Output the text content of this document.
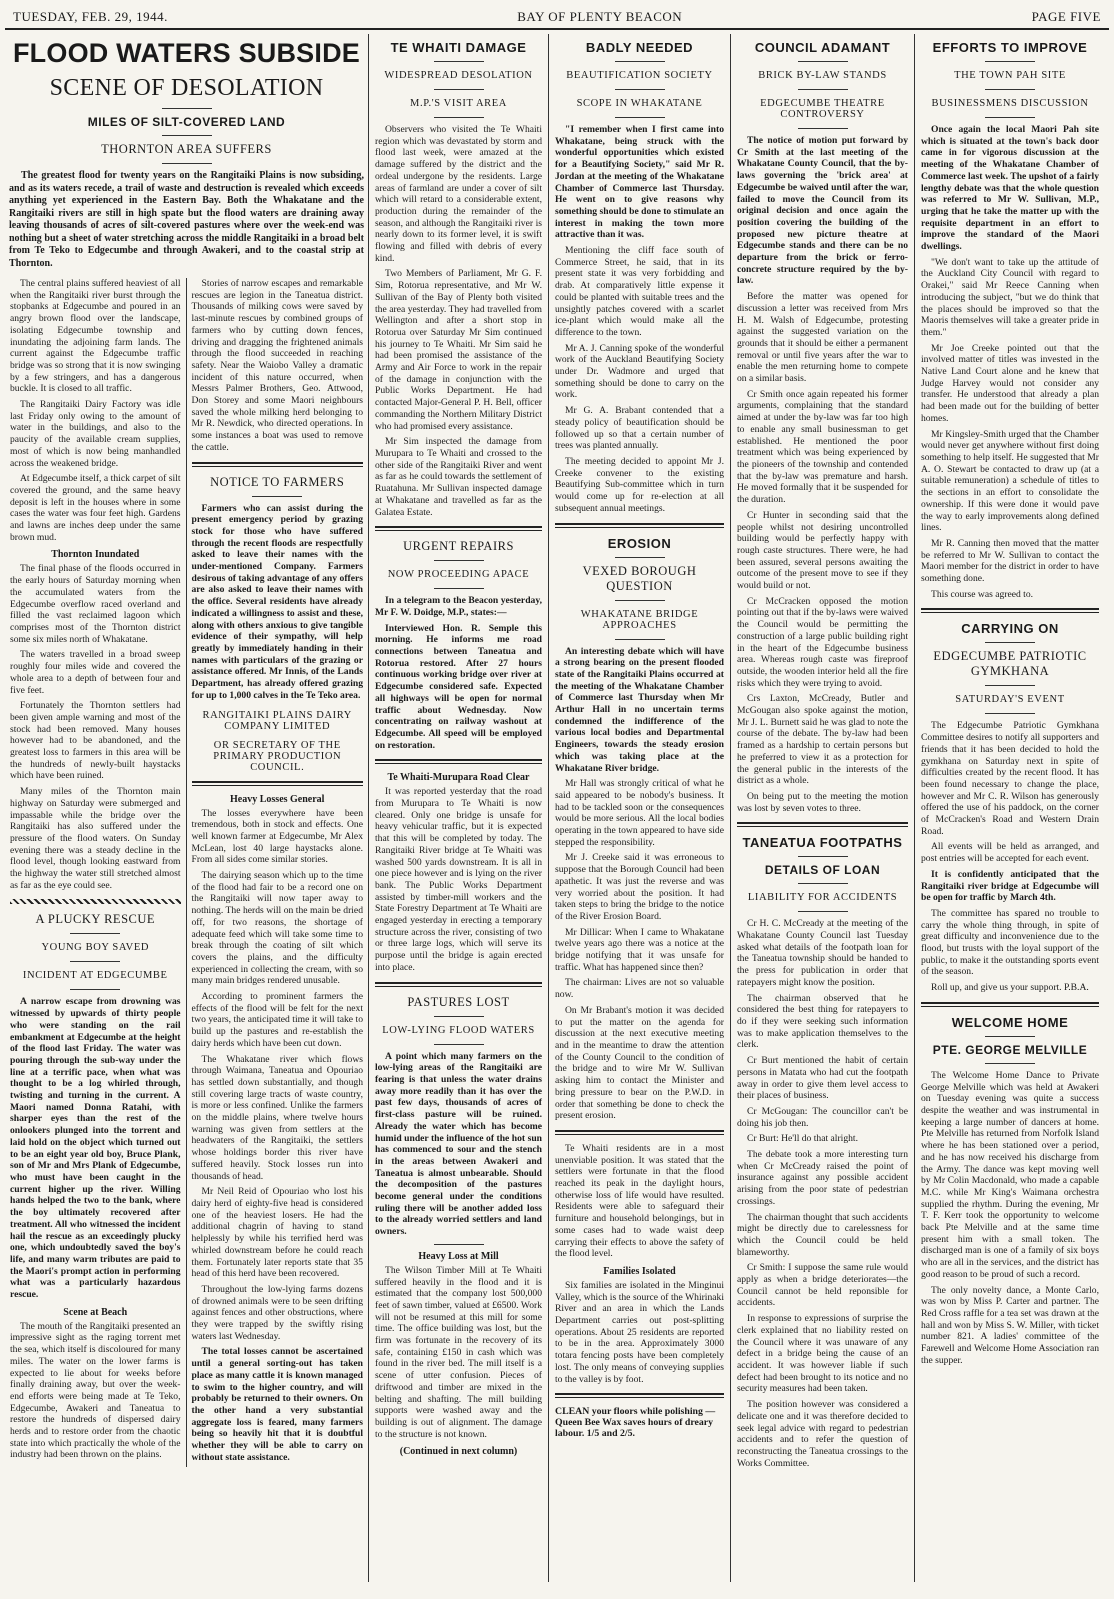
TUESDAY, FEB. 29, 1944.	BAY OF PLENTY BEACON	PAGE FIVE
FLOOD WATERS SUBSIDE
SCENE OF DESOLATION
MILES OF SILT-COVERED LAND
THORNTON AREA SUFFERS
The greatest flood for twenty years on the Rangitaiki Plains is now subsiding, and as its waters recede, a trail of waste and destruction is revealed which exceeds anything yet experienced in the Eastern Bay. Both the Whakatane and the Rangitaiki rivers are still in high spate but the flood waters are draining away leaving thousands of acres of silt-covered pastures where over the week-end was nothing but a sheet of water stretching across the middle Rangitaiki in a broad belt from Te Teko to Edgecumbe and through Awakeri, and to the coastal strip at Thornton.

The central plains suffered heaviest of all when the Rangitaiki river burst through the stopbanks at Edgecumbe and poured in an angry brown flood over the landscape, isolating Edgecumbe township and inundating the adjoining farm lands. The current against the Edgecumbe traffic bridge was so strong that it is now swinging by a few stringers, and has a dangerous buckle. It is closed to all traffic.

The Rangitaiki Dairy Factory was idle last Friday only owing to the amount of water in the buildings, and also to the paucity of the available cream supplies, most of which is now being manhandled across the weakened bridge.

At Edgecumbe itself, a thick carpet of silt covered the ground, and the same heavy deposit is left in the houses where in some cases the water was four feet high. Gardens and lawns are inches deep under the same brown mud.

Thornton Inundated

The final phase of the floods occurred in the early hours of Saturday morning when the accumulated waters from the Edgecumbe overflow raced overland and filled the vast reclaimed lagoon which comprises most of the Thornton district some six miles north of Whakatane.

The waters travelled in a broad sweep roughly four miles wide and covered the whole area to a depth of between four and five feet.

Fortunately the Thornton settlers had been given ample warning and most of the stock had been removed. Many houses however had to be abandoned, and the greatest loss to farmers in this area will be the hundreds of newly-built haystacks which have been ruined.

Many miles of the Thornton main highway on Saturday were submerged and impassable while the bridge over the Rangitaiki has also suffered under the pressure of the flood waters. On Sunday evening there was a steady decline in the flood level, though looking eastward from the highway the water still stretched almost as far as the eye could see.

A PLUCKY RESCUE
YOUNG BOY SAVED
INCIDENT AT EDGECUMBE

A narrow escape from drowning was witnessed by upwards of thirty people who were standing on the rail embankment at Edgecumbe at the height of the flood last Friday. The water was pouring through the sub-way under the line at a terrific pace, when what was thought to be a log whirled through, twisting and turning in the current. A Maori named Donna Ratahi, with sharper eyes than the rest of the onlookers plunged into the torrent and laid hold on the object which turned out to be an eight year old boy, Bruce Plank, son of Mr and Mrs Plank of Edgecumbe, who must have been caught in the current higher up the river. Willing hands helped the two to the bank, where the boy ultimately recovered after treatment. All who witnessed the incident hail the rescue as an exceedingly plucky one, which undoubtedly saved the boy's life, and many warm tributes are paid to the Maori's prompt action in performing what was a particularly hazardous rescue.

Scene at Beach

The mouth of the Rangitaiki presented an impressive sight as the raging torrent met the sea, which itself is discoloured for many miles. The water on the lower farms is expected to lie about for weeks before finally draining away, but over the week-end efforts were being made at Te Teko, Edgecumbe, Awakeri and Taneatua to restore the hundreds of dispersed dairy herds and to restore order from the chaotic state into which practically the whole of the industry had been thrown on the plains.

Stories of narrow escapes and remarkable rescues are legion in the Taneatua district. Thousands of milking cows were saved by last-minute rescues by combined groups of farmers who by cutting down fences, driving and dragging the frightened animals through the flood succeeded in reaching safety. Near the Waiobo Valley a dramatic incident of this nature occurred, when Messrs Palmer Brothers, Geo. Attwood, Don Storey and some Maori neighbours saved the whole milking herd belonging to Mr R. Newdick, who directed operations. In some instances a boat was used to remove the cattle.

NOTICE TO FARMERS

Farmers who can assist during the present emergency period by grazing stock for those who have suffered through the recent floods are respectfully asked to leave their names with the under-mentioned Company. Farmers desirous of taking advantage of any offers are also asked to leave their names with the office. Several residents have already indicated a willingness to assist and these, along with others anxious to give tangible evidence of their sympathy, will help greatly by immediately handing in their names with particulars of the grazing or assistance offered. Mr Innis, of the Lands Department, has already offered grazing for up to 1,000 calves in the Te Teko area.

RANGITAIKI PLAINS DAIRY COMPANY LIMITED
OR SECRETARY OF THE PRIMARY PRODUCTION COUNCIL.
Heavy Losses General

The losses everywhere have been tremendous, both in stock and effects. One well known farmer at Edgecumbe, Mr Alex McLean, lost 40 large haystacks alone. From all sides come similar stories.

The dairying season which up to the time of the flood had fair to be a record one on the Rangitaiki will now taper away to nothing. The herds will on the main be dried off, for two reasons, the shortage of adequate feed which will take some time to break through the coating of silt which covers the plains, and the difficulty experienced in collecting the cream, with so many main bridges rendered unusable.

According to prominent farmers the effects of the flood will be felt for the next two years, the anticipated time it will take to build up the pastures and re-establish the dairy herds which have been cut down.

The Whakatane river which flows through Waimana, Taneatua and Opouriao has settled down substantially, and though still covering large tracts of waste country, is more or less confined. Unlike the farmers on the middle plains, where twelve hours warning was given from settlers at the headwaters of the Rangitaiki, the settlers whose holdings border this river have suffered heavily. Stock losses run into thousands of head.

Mr Neil Reid of Opouriao who lost his dairy herd of eighty-five head is considered one of the heaviest losers. He had the additional chagrin of having to stand helplessly by while his terrified herd was whirled downstream before he could reach them. Fortunately later reports state that 35 head of this herd have been recovered.

Throughout the low-lying farms dozens of drowned animals were to be seen drifting against fences and other obstructions, where they were trapped by the swiftly rising waters last Wednesday.

The total losses cannot be ascertained until a general sorting-out has taken place as many cattle it is known managed to swim to the higher country, and will probably be returned to their owners. On the other hand a very substantial aggregate loss is feared, many farmers being so heavily hit that it is doubtful whether they will be able to carry on without state assistance.

TE WHAITI DAMAGE
WIDESPREAD DESOLATION
M.P.'S VISIT AREA

Observers who visited the Te Whaiti region which was devastated by storm and flood last week, were amazed at the damage suffered by the district and the ordeal undergone by the residents. Large areas of farmland are under a cover of silt which will retard to a considerable extent, production during the remainder of the season, and although the Rangitaiki river is nearly down to its former level, it is swift flowing and filled with debris of every kind.

Two Members of Parliament, Mr G. F. Sim, Rotorua representative, and Mr W. Sullivan of the Bay of Plenty both visited the area yesterday. They had travelled from Wellington and after a short stop in Rotorua over Saturday Mr Sim continued his journey to Te Whaiti. Mr Sim said he had been promised the assistance of the Army and Air Force to work in the repair of the damage in conjunction with the Public Works Department. He had contacted Major-General P. H. Bell, officer commanding the Northern Military District who had promised every assistance.

Mr Sim inspected the damage from Murupara to Te Whaiti and crossed to the other side of the Rangitaiki River and went as far as he could towards the settlement of Ruatahuna. Mr Sullivan inspected damage at Whakatane and travelled as far as the Galatea Estate.

URGENT REPAIRS
NOW PROCEEDING APACE

In a telegram to the Beacon yesterday, Mr F. W. Doidge, M.P., states:—

Interviewed Hon. R. Semple this morning. He informs me road connections between Taneatua and Rotorua restored. After 27 hours continuous working bridge over river at Edgecumbe considered safe. Expected all highways will be open for normal traffic about Wednesday. Now concentrating on railway washout at Edgecumbe. All speed will be employed on restoration.

Te Whaiti-Murupara Road Clear

It was reported yesterday that the road from Murupara to Te Whaiti is now cleared. Only one bridge is unsafe for heavy vehicular traffic, but it is expected that this will be completed by today. The Rangitaiki River bridge at Te Whaiti was washed 500 yards downstream. It is all in one piece however and is lying on the river bank. The Public Works Department assisted by timber-mill workers and the State Forestry Department at Te Whaiti are engaged yesterday in erecting a temporary structure across the river, consisting of two or three large logs, which will serve its purpose until the bridge is again erected into place.

PASTURES LOST
LOW-LYING FLOOD WATERS

A point which many farmers on the low-lying areas of the Rangitaiki are fearing is that unless the water drains away more readily than it has over the past few days, thousands of acres of first-class pasture will be ruined. Already the water which has become humid under the influence of the hot sun has commenced to sour and the stench in the areas between Awakeri and Taneatua is almost unbearable. Should the decomposition of the pastures become general under the conditions ruling there will be another added loss to the already worried settlers and land owners.

Heavy Loss at Mill

The Wilson Timber Mill at Te Whaiti suffered heavily in the flood and it is estimated that the company lost 500,000 feet of sawn timber, valued at £6500. Work will not be resumed at this mill for some time. The office building was lost, but the firm was fortunate in the recovery of its safe, containing £150 in cash which was found in the river bed. The mill itself is a scene of utter confusion. Pieces of driftwood and timber are mixed in the belting and shafting. The mill building supports were washed away and the building is out of alignment. The damage to the structure is not known.

(Continued in next column)
BADLY NEEDED
BEAUTIFICATION SOCIETY
SCOPE IN WHAKATANE

"I remember when I first came into Whakatane, being struck with the wonderful opportunities which existed for a Beautifying Society," said Mr R. Jordan at the meeting of the Whakatane Chamber of Commerce last Thursday. He went on to give reasons why something should be done to stimulate an interest in making the town more attractive than it was.

Mentioning the cliff face south of Commerce Street, he said, that in its present state it was very forbidding and drab. At comparatively little expense it could be planted with suitable trees and the unsightly patches covered with a scarlet ice-plant which would make all the difference to the town.

Mr A. J. Canning spoke of the wonderful work of the Auckland Beautifying Society under Dr. Wadmore and urged that something should be done to carry on the work.

Mr G. A. Brabant contended that a steady policy of beautification should be followed up so that a certain number of trees was planted annually.

The meeting decided to appoint Mr J. Creeke convener to the existing Beautifying Sub-committee which in turn would come up for re-election at all subsequent annual meetings.

EROSION
VEXED BOROUGH QUESTION
WHAKATANE BRIDGE APPROACHES

An interesting debate which will have a strong bearing on the present flooded state of the Rangitaiki Plains occurred at the meeting of the Whakatane Chamber of Commerce last Thursday when Mr Arthur Hall in no uncertain terms condemned the indifference of the various local bodies and Departmental Engineers, towards the steady erosion which was taking place at the Whakatane River bridge.

Mr Hall was strongly critical of what he said appeared to be nobody's business. It had to be tackled soon or the consequences would be more serious. All the local bodies operating in the town appeared to have side stepped the responsibility.

Mr J. Creeke said it was erroneous to suppose that the Borough Council had been apathetic. It was just the reverse and was very worried about the position. It had taken steps to bring the bridge to the notice of the River Erosion Board.

Mr Dillicar: When I came to Whakatane twelve years ago there was a notice at the bridge notifying that it was unsafe for traffic. What has happened since then?

The chairman: Lives are not so valuable now.

On Mr Brabant's motion it was decided to put the matter on the agenda for discussion at the next executive meeting and in the meantime to draw the attention of the County Council to the condition of the bridge and to wire Mr W. Sullivan asking him to contact the Minister and bring pressure to bear on the P.W.D. in order that something be done to check the present erosion.

Te Whaiti residents are in a most unenviable position. It was stated that the settlers were fortunate in that the flood reached its peak in the daylight hours, otherwise loss of life would have resulted. Residents were able to safeguard their furniture and household belongings, but in some cases had to wade waist deep carrying their effects to above the safety of the flood level.

Families Isolated

Six families are isolated in the Minginui Valley, which is the source of the Whirinaki River and an area in which the Lands Department carries out post-splitting operations. About 25 residents are reported to be in the area. Approximately 3000 totara fencing posts have been completely lost. The only means of conveying supplies to the valley is by foot.

CLEAN your floors while polishing —Queen Bee Wax saves hours of dreary labour. 1/5 and 2/5.
COUNCIL ADAMANT
BRICK BY-LAW STANDS
EDGECUMBE THEATRE CONTROVERSY

The notice of motion put forward by Cr Smith at the last meeting of the Whakatane County Council, that the by-laws governing the 'brick area' at Edgecumbe be waived until after the war, failed to move the Council from its original decision and once again the position covering the building of the proposed new picture theatre at Edgecumbe stands and there can be no departure from the brick or ferro-concrete structure required by the by-law.

Before the matter was opened for discussion a letter was received from Mrs H. M. Walsh of Edgecumbe, protesting against the suggested variation on the grounds that it should be either a permanent removal or until five years after the war to enable the men returning home to compete on a similar basis.

Cr Smith once again repeated his former arguments, complaining that the standard aimed at under the by-law was far too high to enable any small businessman to get established. He mentioned the poor treatment which was being experienced by the pioneers of the township and contended that the by-law was premature and harsh. He moved formally that it be suspended for the duration.

Cr Hunter in seconding said that the people whilst not desiring uncontrolled building would be perfectly happy with rough caste structures. There were, he had been assured, several persons awaiting the outcome of the present move to see if they would build or not.

Cr McCracken opposed the motion pointing out that if the by-laws were waived the Council would be permitting the construction of a large public building right in the heart of the Edgecumbe business area. Whereas rough caste was fireproof outside, the wooden interior held all the fire risks which they were trying to avoid.

Crs Laxton, McCready, Butler and McGougan also spoke against the motion, Mr J. L. Burnett said he was glad to note the course of the debate. The by-law had been framed as a hardship to certain persons but he preferred to view it as a protection for the general public in the interests of the district as a whole.

On being put to the meeting the motion was lost by seven votes to three.

TANEATUA FOOTPATHS
DETAILS OF LOAN
LIABILITY FOR ACCIDENTS

Cr H. C. McCready at the meeting of the Whakatane County Council last Tuesday asked what details of the footpath loan for the Taneatua township should be handed to the press for publication in order that ratepayers might know the position.

The chairman observed that he considered the best thing for ratepayers to do if they were seeking such information was to make application themselves to the clerk.

Cr Burt mentioned the habit of certain persons in Matata who had cut the footpath away in order to give them level access to their places of business.

Cr McGougan: The councillor can't be doing his job then.

Cr Burt: He'll do that alright.

The debate took a more interesting turn when Cr McCready raised the point of insurance against any possible accident arising from the poor state of pedestrian crossings.

The chairman thought that such accidents might be directly due to carelessness for which the Council could be held blameworthy.

Cr Smith: I suppose the same rule would apply as when a bridge deteriorates—the Council cannot be held reponsible for accidents.

In response to expressions of surprise the clerk explained that no liability rested on the Council where it was unaware of any defect in a bridge being the cause of an accident. It was however liable if such defect had been brought to its notice and no security measures had been taken.

The position however was considered a delicate one and it was therefore decided to seek legal advice with regard to pedestrian accidents and to refer the question of reconstructing the Taneatua crossings to the Works Committee.

EFFORTS TO IMPROVE
THE TOWN PAH SITE
BUSINESSMENS DISCUSSION

Once again the local Maori Pah site which is situated at the town's back door came in for vigorous discussion at the meeting of the Whakatane Chamber of Commerce last week. The upshot of a fairly lengthy debate was that the whole question was referred to Mr W. Sullivan, M.P., urging that he take the matter up with the requisite department in an effort to improve the standard of the Maori dwellings.

"We don't want to take up the attitude of the Auckland City Council with regard to Orakei," said Mr Reece Canning when introducing the subject, "but we do think that the places should be improved so that the Maoris themselves will take a greater pride in them."

Mr Joe Creeke pointed out that the involved matter of titles was invested in the Native Land Court alone and he knew that Judge Harvey would not consider any transfer. He understood that already a plan had been made out for the building of better homes.

Mr Kingsley-Smith urged that the Chamber would never get anywhere without first doing something to help itself. He suggested that Mr A. O. Stewart be contacted to draw up (at a suitable remuneration) a schedule of titles to the sections in an effort to consolidate the ownership. If this were done it would pave the way to early improvements along defined lines.

Mr R. Canning then moved that the matter be referred to Mr W. Sullivan to contact the Maori member for the district in order to have something done.

This course was agreed to.

CARRYING ON
EDGECUMBE PATRIOTIC GYMKHANA
SATURDAY'S EVENT

The Edgecumbe Patriotic Gymkhana Committee desires to notify all supporters and friends that it has been decided to hold the gymkhana on Saturday next in spite of difficulties created by the recent flood. It has been found necessary to change the place, however and Mr C. R. Wilson has generously offered the use of his paddock, on the corner of McCracken's Road and Western Drain Road.

All events will be held as arranged, and post entries will be accepted for each event.

It is confidently anticipated that the Rangitaiki river bridge at Edgecumbe will be open for traffic by March 4th.

The committee has spared no trouble to carry the whole thing through, in spite of great difficulty and inconvenience due to the flood, but trusts with the loyal support of the public, to make it the outstanding sports event of the season.

Roll up, and give us your support. P.B.A.

WELCOME HOME
PTE. GEORGE MELVILLE

The Welcome Home Dance to Private George Melville which was held at Awakeri on Tuesday evening was quite a success despite the weather and was instrumental in keeping a large number of dancers at home. Pte Melville has returned from Norfolk Island where he has been stationed over a period, and he has now received his discharge from the Army. The dance was kept moving well by Mr Colin Macdonald, who made a capable M.C. while Mr King's Waimana orchestra supplied the rhythm. During the evening, Mr T. F. Kerr took the opportunity to welcome back Pte Melville and at the same time present him with a small token. The discharged man is one of a family of six boys who are all in the services, and the district has good reason to be proud of such a record.

The only novelty dance, a Monte Carlo, was won by Miss P. Carter and partner. The Red Cross raffle for a tea set was drawn at the hall and won by Miss S. W. Miller, with ticket number 821. A ladies' committee of the Farewell and Welcome Home Association ran the supper.
